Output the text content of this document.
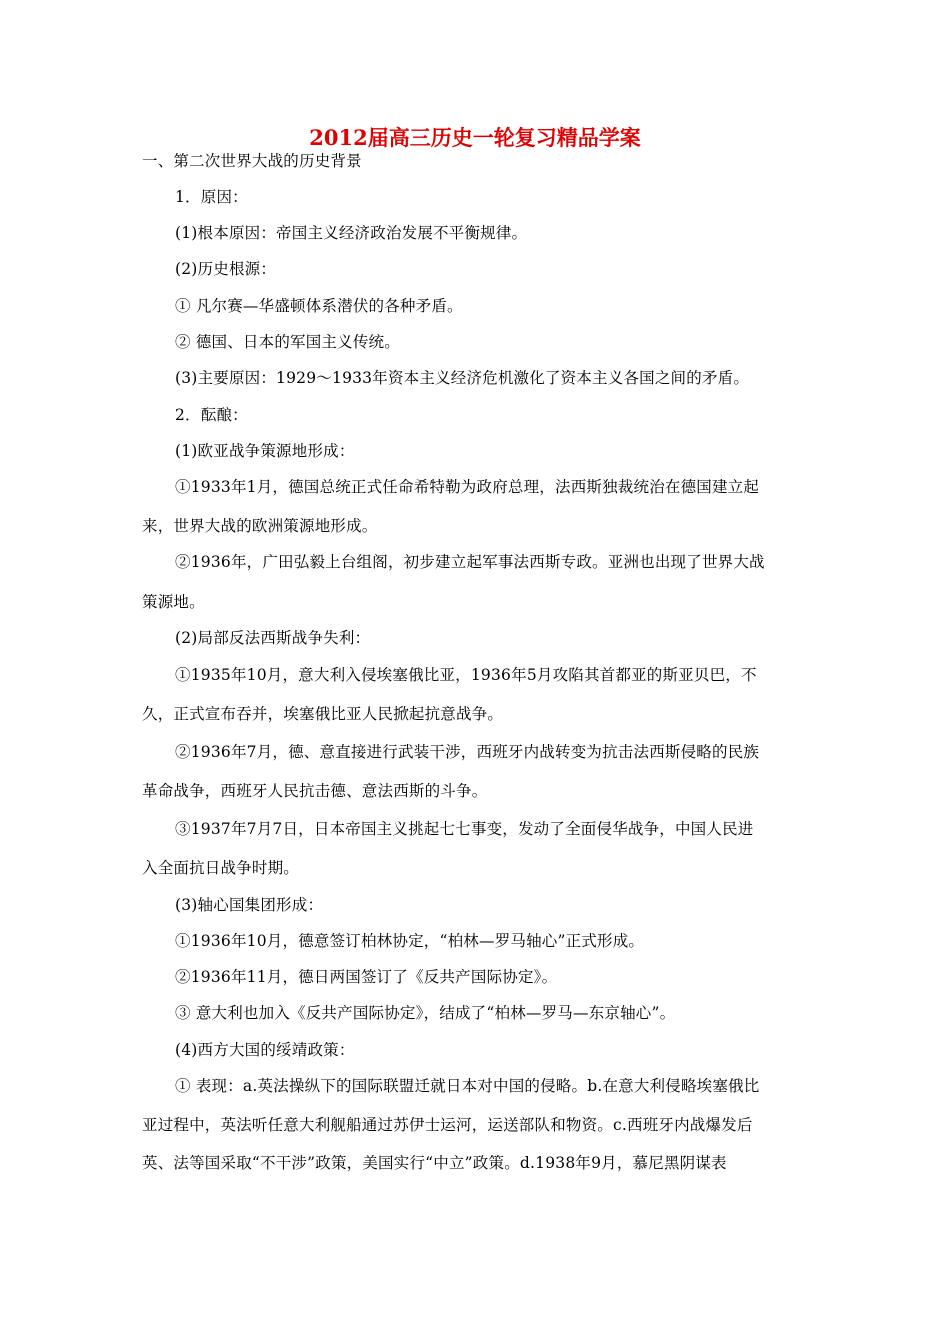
2012届高三历史一轮复习精品学案
一、第二次世界大战的历史背景
1．原因：
(1)根本原因：帝国主义经济政治发展不平衡规律。
(2)历史根源：
① 凡尔赛—华盛顿体系潜伏的各种矛盾。
② 德国、日本的军国主义传统。
(3)主要原因：1929～1933年资本主义经济危机激化了资本主义各国之间的矛盾。
2．酝酿：
(1)欧亚战争策源地形成：
①1933年1月，德国总统正式任命希特勒为政府总理，法西斯独裁统治在德国建立起
来，世界大战的欧洲策源地形成。
②1936年，广田弘毅上台组阁，初步建立起军事法西斯专政。亚洲也出现了世界大战
策源地。
(2)局部反法西斯战争失利：
①1935年10月，意大利入侵埃塞俄比亚，1936年5月攻陷其首都亚的斯亚贝巴，不
久，正式宣布吞并，埃塞俄比亚人民掀起抗意战争。
②1936年7月，德、意直接进行武装干涉，西班牙内战转变为抗击法西斯侵略的民族
革命战争，西班牙人民抗击德、意法西斯的斗争。
③1937年7月7日，日本帝国主义挑起七七事变，发动了全面侵华战争，中国人民进
入全面抗日战争时期。
(3)轴心国集团形成：
①1936年10月，德意签订柏林协定，“柏林—罗马轴心”正式形成。
②1936年11月，德日两国签订了《反共产国际协定》。
③ 意大利也加入《反共产国际协定》，结成了“柏林—罗马—东京轴心”。
(4)西方大国的绥靖政策：
① 表现：a.英法操纵下的国际联盟迁就日本对中国的侵略。b.在意大利侵略埃塞俄比
亚过程中，英法听任意大利舰船通过苏伊士运河，运送部队和物资。c.西班牙内战爆发后
英、法等国采取“不干涉”政策，美国实行“中立”政策。d.1938年9月，慕尼黑阴谋表
